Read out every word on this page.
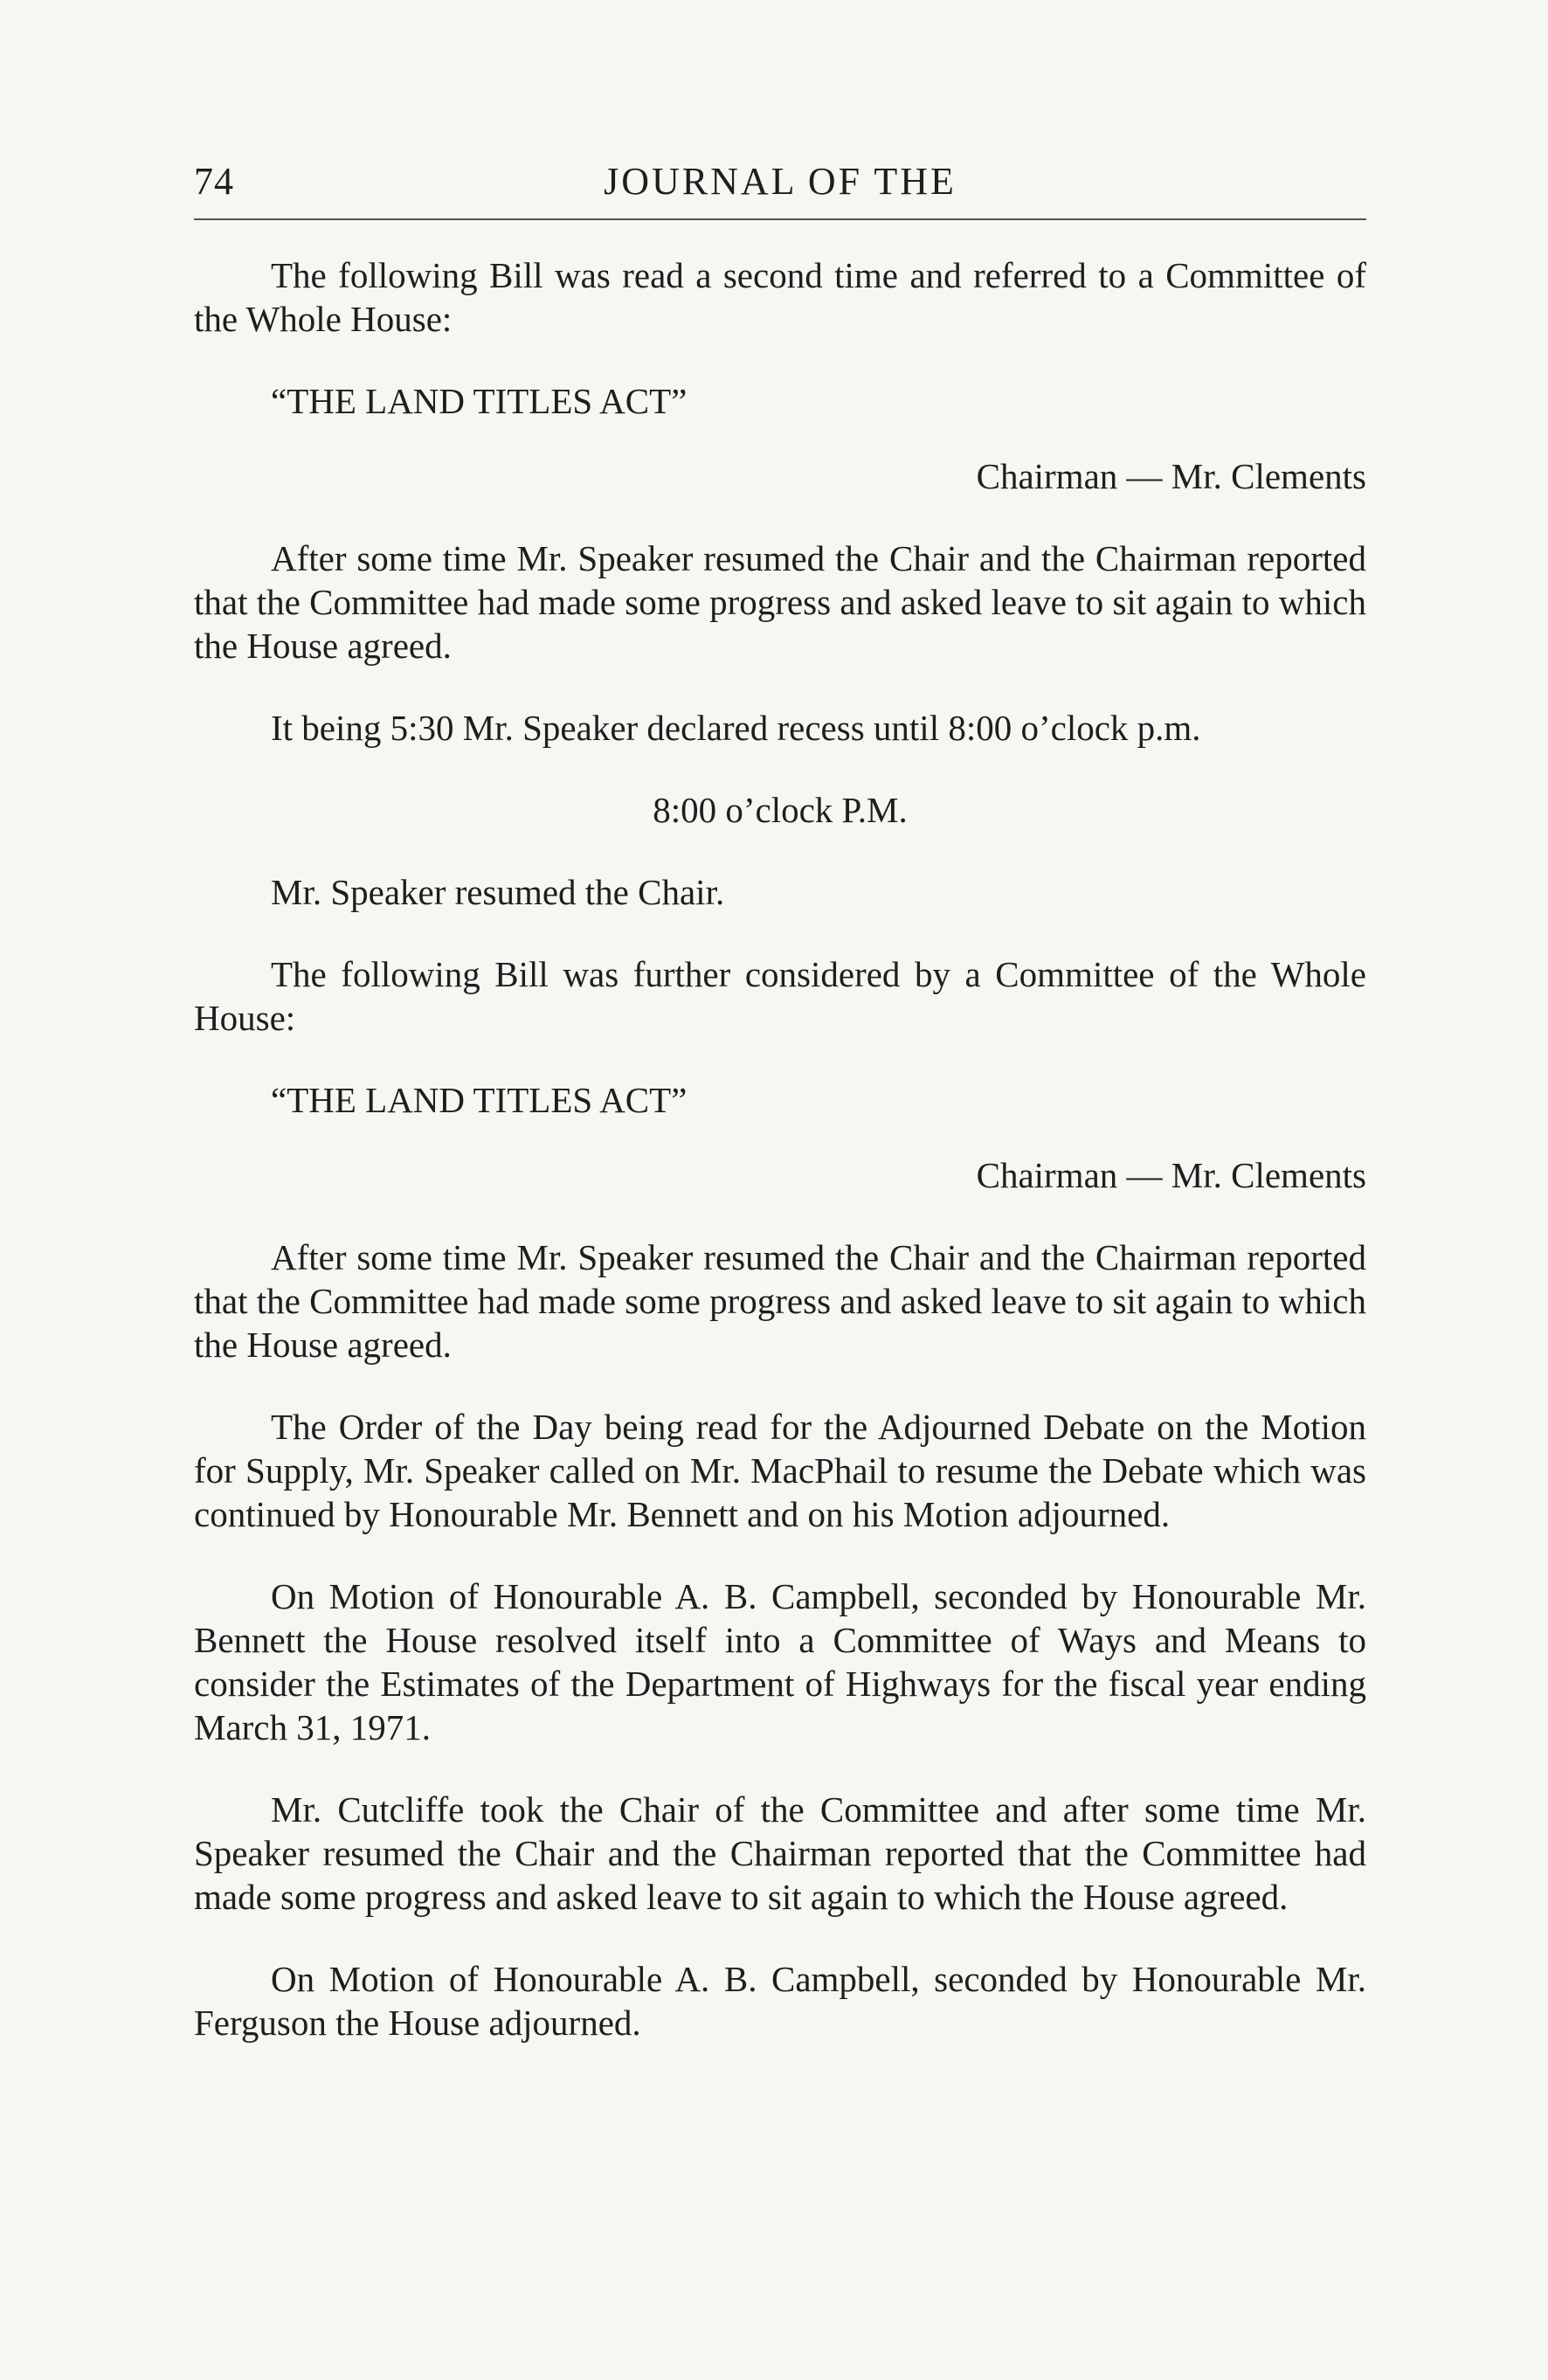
74	JOURNAL OF THE

The following Bill was read a second time and referred to a Committee of the Whole House:

“THE LAND TITLES ACT”
Chairman — Mr. Clements

After some time Mr. Speaker resumed the Chair and the Chairman reported that the Committee had made some progress and asked leave to sit again to which the House agreed.

It being 5:30 Mr. Speaker declared recess until 8:00 o’clock p.m.

8:00 o’clock P.M.
Mr. Speaker resumed the Chair.

The following Bill was further considered by a Committee of the Whole House:

“THE LAND TITLES ACT”
Chairman — Mr. Clements

After some time Mr. Speaker resumed the Chair and the Chairman reported that the Committee had made some progress and asked leave to sit again to which the House agreed.

The Order of the Day being read for the Adjourned Debate on the Motion for Supply, Mr. Speaker called on Mr. MacPhail to resume the Debate which was continued by Honourable Mr. Bennett and on his Motion adjourned.

On Motion of Honourable A. B. Campbell, seconded by Honourable Mr. Bennett the House resolved itself into a Committee of Ways and Means to consider the Estimates of the Department of Highways for the fiscal year ending March 31, 1971.

Mr. Cutcliffe took the Chair of the Committee and after some time Mr. Speaker resumed the Chair and the Chairman reported that the Committee had made some progress and asked leave to sit again to which the House agreed.

On Motion of Honourable A. B. Campbell, seconded by Honourable Mr. Ferguson the House adjourned.
